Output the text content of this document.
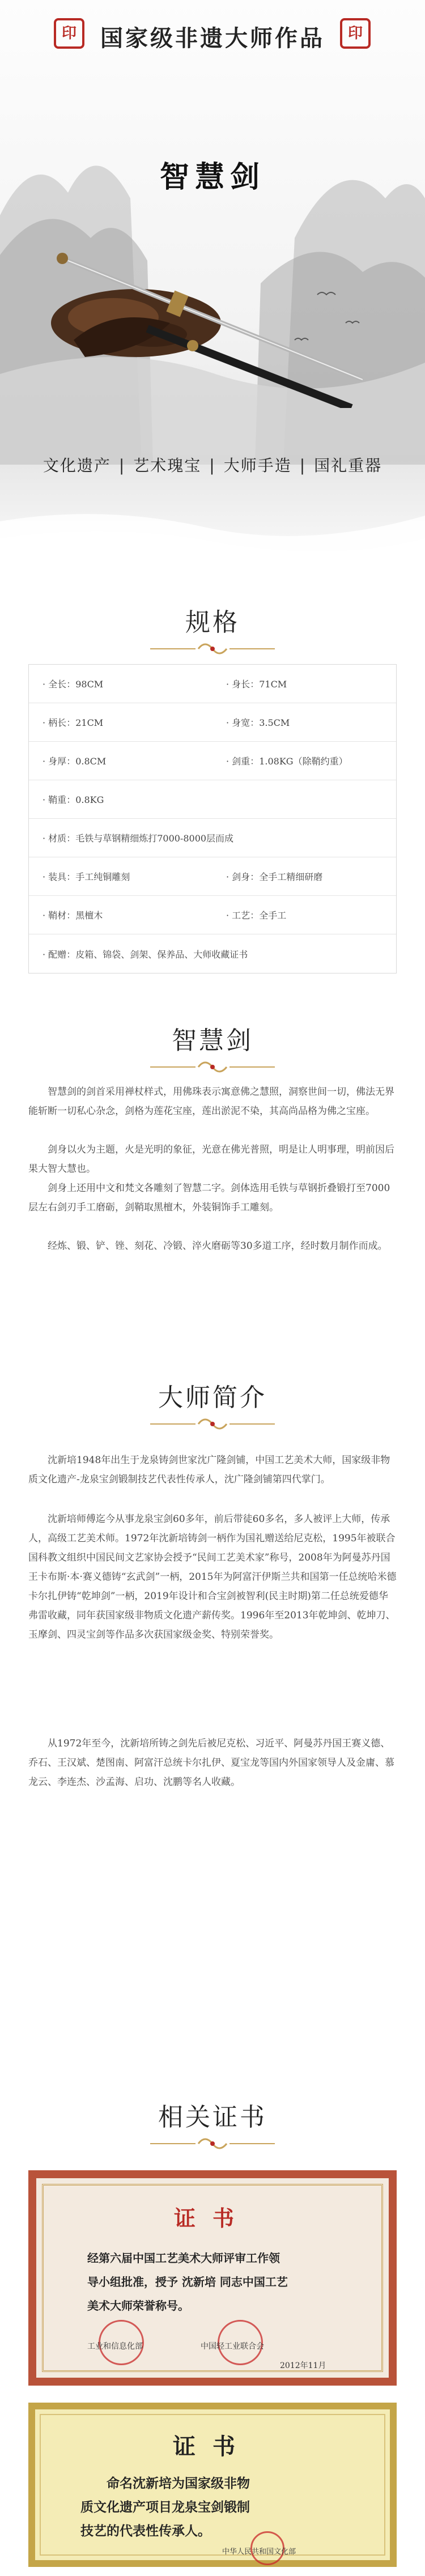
印	国家级非遗大师作品	印
智慧剑
文化遗产 | 艺术瑰宝 | 大师手造 | 国礼重器
规格
· 全长：98CM	· 身长：71CM
· 柄长：21CM	· 身宽：3.5CM
· 身厚：0.8CM	· 剑重：1.08KG（除鞘约重）
· 鞘重：0.8KG
· 材质：毛铁与草钢精细炼打7000-8000层而成
· 装具：手工纯铜雕刻	· 剑身：全手工精细研磨
· 鞘材：黑檀木	· 工艺：全手工
· 配赠：皮箱、锦袋、剑架、保养品、大师收藏证书
智慧剑
智慧剑的剑首采用禅杖样式，用佛珠表示寓意佛之慧照，洞察世间一切，佛法无界能斩断一切私心杂念，剑格为莲花宝座，莲出淤泥不染，其高尚品格为佛之宝座。
剑身以火为主题，火是光明的象征，光意在佛光普照，明是让人明事理，明前因后果大智大慧也。
剑身上还用中文和梵文各雕刻了智慧二字。剑体选用毛铁与草钢折叠锻打至7000层左右剑刃手工磨砺，剑鞘取黑檀木，外装铜饰手工雕刻。
经炼、锻、铲、锉、刻花、冷锻、淬火磨砺等30多道工序，经时数月制作而成。
大师简介
沈新培1948年出生于龙泉铸剑世家沈广隆剑铺，中国工艺美术大师，国家级非物质文化遗产-龙泉宝剑锻制技艺代表性传承人，沈广隆剑铺第四代掌门。
沈新培师傅迄今从事龙泉宝剑60多年，前后带徒60多名，多人被评上大师，传承人，高级工艺美术师。1972年沈新培铸剑一柄作为国礼赠送给尼克松，1995年被联合国科教文组织中国民间文艺家协会授予“民间工艺美术家”称号，2008年为阿曼苏丹国王卡布斯·本·赛义德铸“玄武剑”一柄，2015年为阿富汗伊斯兰共和国第一任总统哈米德卡尔扎伊铸“乾坤剑”一柄，2019年设计和合宝剑被智利(民主时期)第二任总统爱德华弗雷收藏，同年获国家级非物质文化遗产薪传奖。1996年至2013年乾坤剑、乾坤刀、玉摩剑、四灵宝剑等作品多次获国家级金奖、特别荣誉奖。
从1972年至今，沈新培所铸之剑先后被尼克松、习近平、阿曼苏丹国王赛义德、乔石、王汉斌、楚图南、阿富汗总统卡尔扎伊、夏宝龙等国内外国家领导人及金庸、慕龙云、李连杰、沙孟海、启功、沈鹏等名人收藏。
相关证书
证书
经第六届中国工艺美术大师评审工作领
导小组批准，授予 沈新培 同志中国工艺
美术大师荣誉称号。
工业和信息化部	中国轻工业联合会
2012年11月
证书
命名沈新培为国家级非物
质文化遗产项目龙泉宝剑锻制
技艺的代表性传承人。
中华人民共和国文化部
